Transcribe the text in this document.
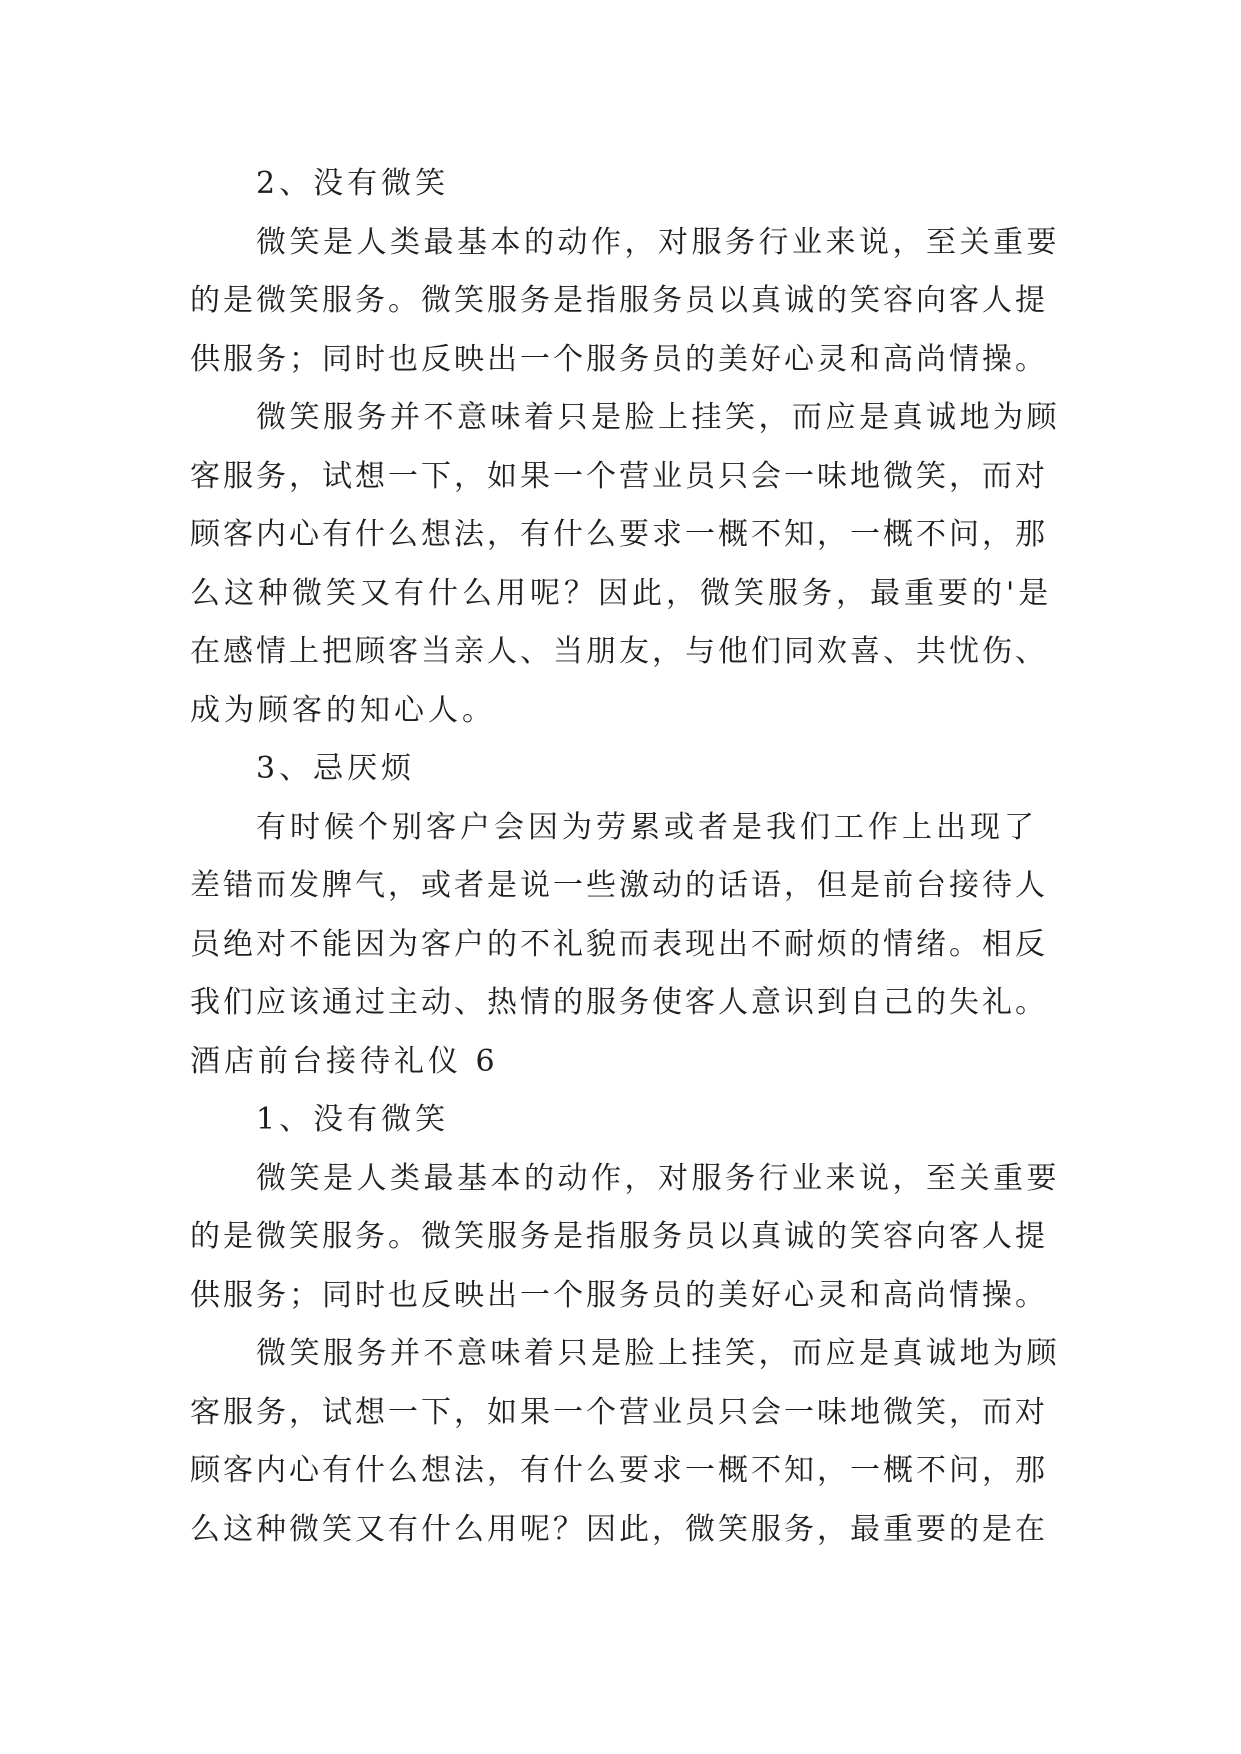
2、没有微笑
微笑是人类最基本的动作，对服务行业来说，至关重要
的是微笑服务。微笑服务是指服务员以真诚的笑容向客人提
供服务；同时也反映出一个服务员的美好心灵和高尚情操。
微笑服务并不意味着只是脸上挂笑，而应是真诚地为顾
客服务，试想一下，如果一个营业员只会一味地微笑，而对
顾客内心有什么想法，有什么要求一概不知，一概不问，那
么这种微笑又有什么用呢？因此，微笑服务，最重要的'是
在感情上把顾客当亲人、当朋友，与他们同欢喜、共忧伤、
成为顾客的知心人。
3、忌厌烦
有时候个别客户会因为劳累或者是我们工作上出现了
差错而发脾气，或者是说一些激动的话语，但是前台接待人
员绝对不能因为客户的不礼貌而表现出不耐烦的情绪。相反
我们应该通过主动、热情的服务使客人意识到自己的失礼。
酒店前台接待礼仪 6
1、没有微笑
微笑是人类最基本的动作，对服务行业来说，至关重要
的是微笑服务。微笑服务是指服务员以真诚的笑容向客人提
供服务；同时也反映出一个服务员的美好心灵和高尚情操。
微笑服务并不意味着只是脸上挂笑，而应是真诚地为顾
客服务，试想一下，如果一个营业员只会一味地微笑，而对
顾客内心有什么想法，有什么要求一概不知，一概不问，那
么这种微笑又有什么用呢？因此，微笑服务，最重要的是在
